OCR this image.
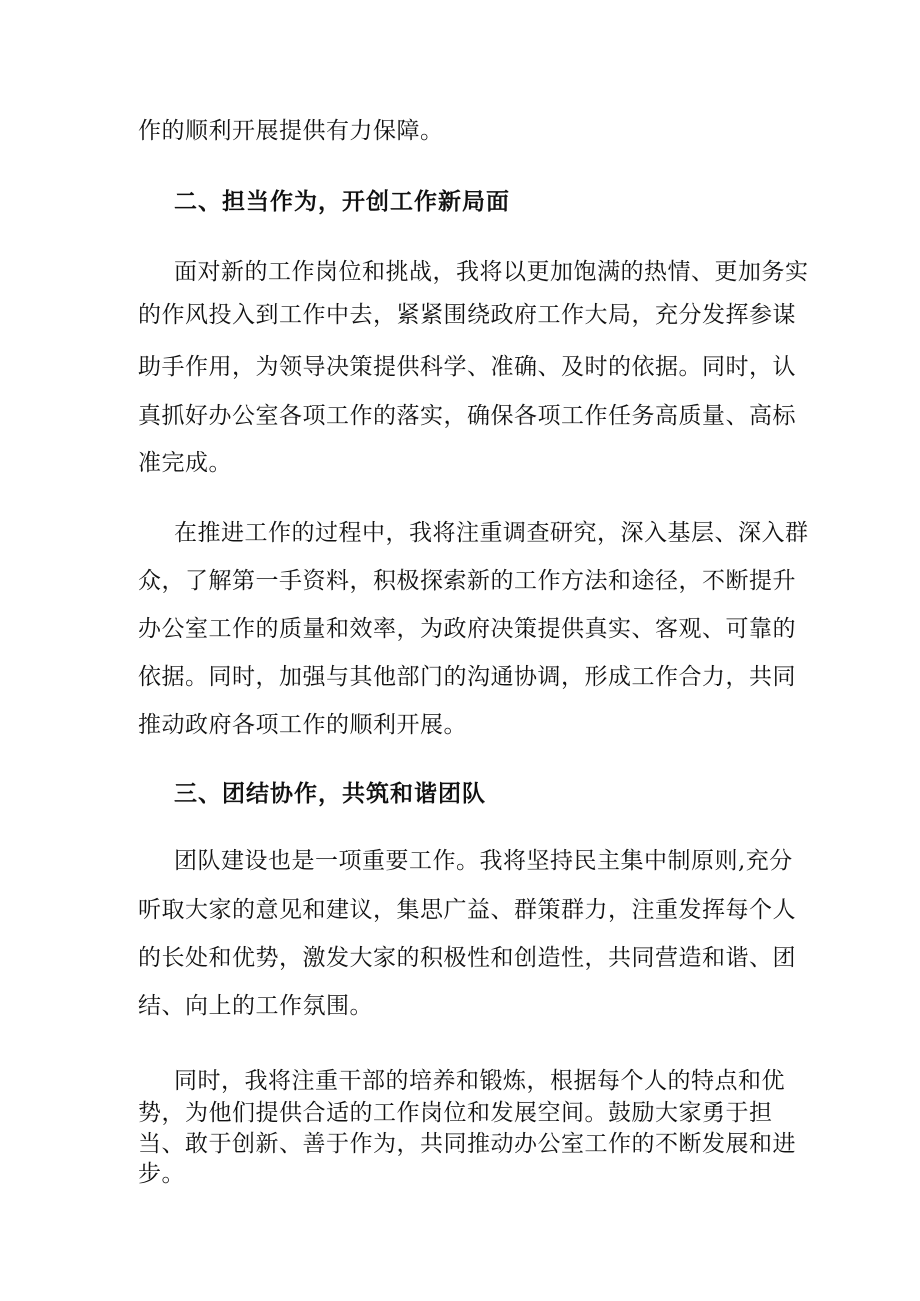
作的顺利开展提供有力保障。
二、担当作为，开创工作新局面
面对新的工作岗位和挑战，我将以更加饱满的热情、更加务实
的作风投入到工作中去，紧紧围绕政府工作大局，充分发挥参谋
助手作用，为领导决策提供科学、准确、及时的依据。同时，认
真抓好办公室各项工作的落实，确保各项工作任务高质量、高标
准完成。
在推进工作的过程中，我将注重调查研究，深入基层、深入群
众，了解第一手资料，积极探索新的工作方法和途径，不断提升
办公室工作的质量和效率，为政府决策提供真实、客观、可靠的
依据。同时，加强与其他部门的沟通协调，形成工作合力，共同
推动政府各项工作的顺利开展。
三、团结协作，共筑和谐团队
团队建设也是一项重要工作。我将坚持民主集中制原则,充分
听取大家的意见和建议，集思广益、群策群力，注重发挥每个人
的长处和优势，激发大家的积极性和创造性，共同营造和谐、团
结、向上的工作氛围。
同时，我将注重干部的培养和锻炼，根据每个人的特点和优
势，为他们提供合适的工作岗位和发展空间。鼓励大家勇于担
当、敢于创新、善于作为，共同推动办公室工作的不断发展和进
步。
